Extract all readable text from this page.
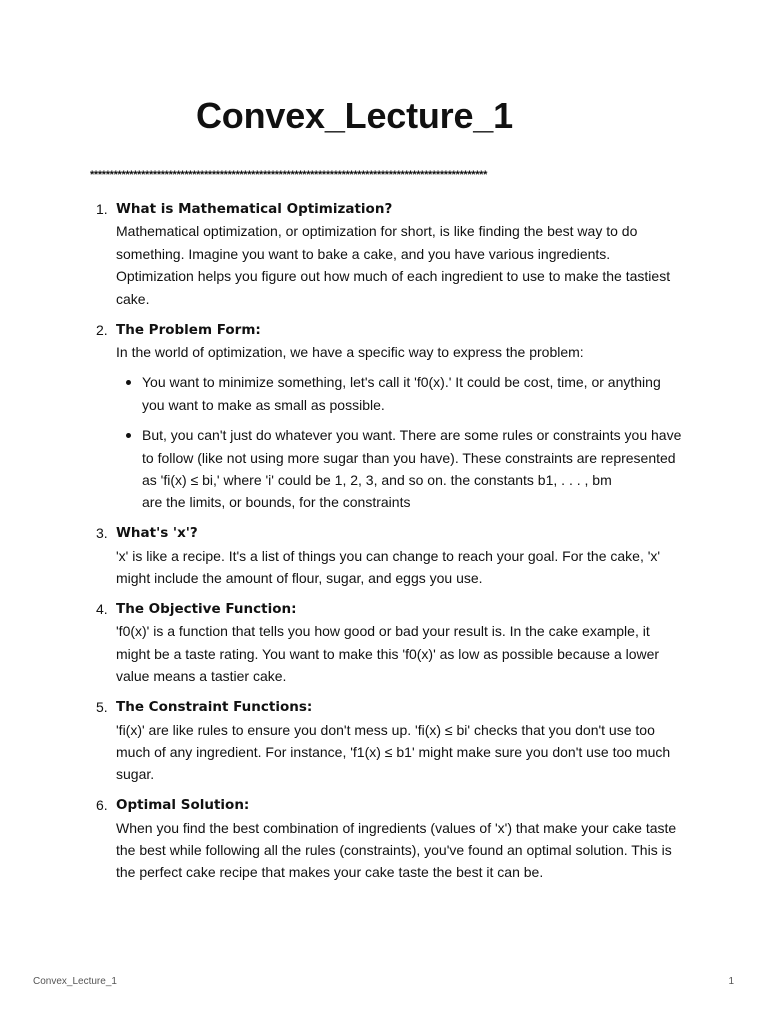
Convex_Lecture_1
*****************************************************************************************************
1. What is Mathematical Optimization?
Mathematical optimization, or optimization for short, is like finding the best way to do something. Imagine you want to bake a cake, and you have various ingredients. Optimization helps you figure out how much of each ingredient to use to make the tastiest cake.
2. The Problem Form:
In the world of optimization, we have a specific way to express the problem:
You want to minimize something, let's call it 'f0(x).' It could be cost, time, or anything you want to make as small as possible.
But, you can't just do whatever you want. There are some rules or constraints you have to follow (like not using more sugar than you have). These constraints are represented as 'fi(x) ≤ bi,' where 'i' could be 1, 2, 3, and so on. the constants b1, . . . , bm
are the limits, or bounds, for the constraints
3. What's 'x'?
'x' is like a recipe. It's a list of things you can change to reach your goal. For the cake, 'x' might include the amount of flour, sugar, and eggs you use.
4. The Objective Function:
'f0(x)' is a function that tells you how good or bad your result is. In the cake example, it might be a taste rating. You want to make this 'f0(x)' as low as possible because a lower value means a tastier cake.
5. The Constraint Functions:
'fi(x)' are like rules to ensure you don't mess up. 'fi(x) ≤ bi' checks that you don't use too much of any ingredient. For instance, 'f1(x) ≤ b1' might make sure you don't use too much sugar.
6. Optimal Solution:
When you find the best combination of ingredients (values of 'x') that make your cake taste the best while following all the rules (constraints), you've found an optimal solution. This is the perfect cake recipe that makes your cake taste the best it can be.
Convex_Lecture_1	1
